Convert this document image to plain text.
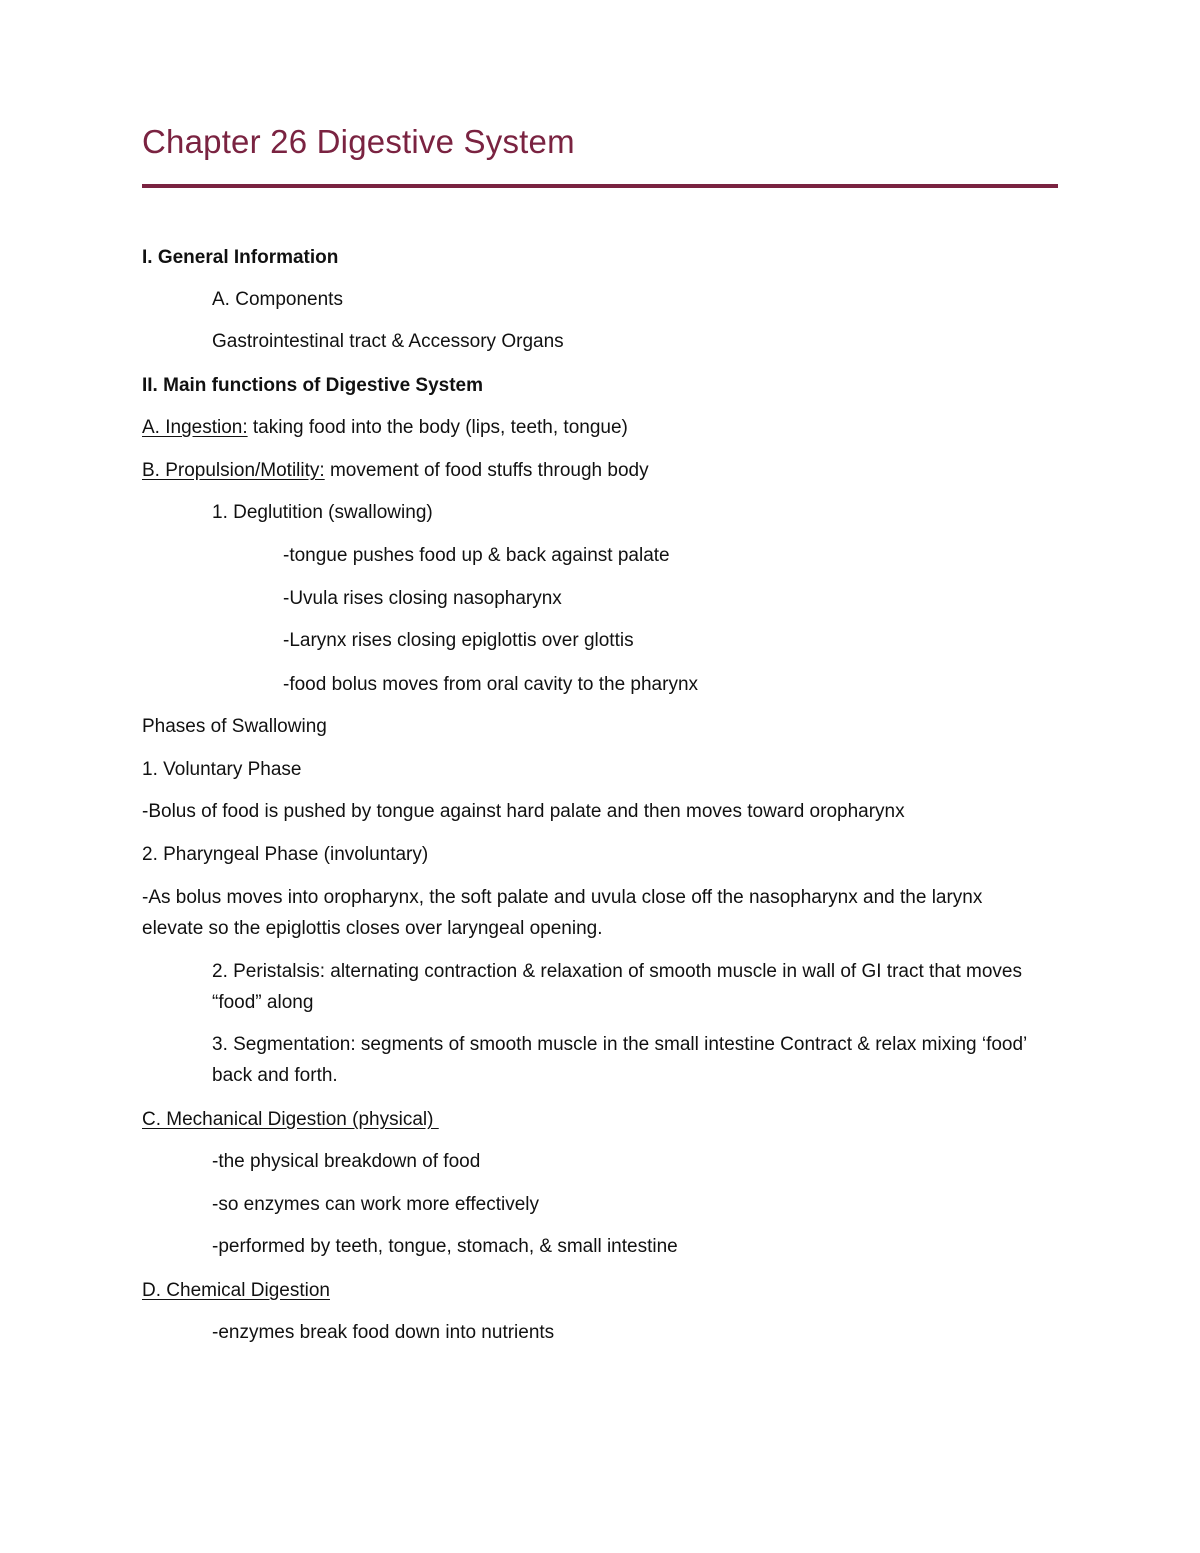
Chapter 26 Digestive System

I. General Information

A. Components

Gastrointestinal tract & Accessory Organs

II. Main functions of Digestive System

A. Ingestion: taking food into the body (lips, teeth, tongue)

B. Propulsion/Motility: movement of food stuffs through body

1. Deglutition (swallowing)

-tongue pushes food up & back against palate

-Uvula rises closing nasopharynx

-Larynx rises closing epiglottis over glottis

-food bolus moves from oral cavity to the pharynx

Phases of Swallowing

1. Voluntary Phase

-Bolus of food is pushed by tongue against hard palate and then moves toward oropharynx

2. Pharyngeal Phase (involuntary)

-As bolus moves into oropharynx, the soft palate and uvula close off the nasopharynx and the larynx elevate so the epiglottis closes over laryngeal opening.

2. Peristalsis: alternating contraction & relaxation of smooth muscle in wall of GI tract that moves “food” along

3. Segmentation: segments of smooth muscle in the small intestine Contract & relax mixing ‘food’ back and forth.

C. Mechanical Digestion (physical)

-the physical breakdown of food

-so enzymes can work more effectively

-performed by teeth, tongue, stomach, & small intestine

D. Chemical Digestion

-enzymes break food down into nutrients
